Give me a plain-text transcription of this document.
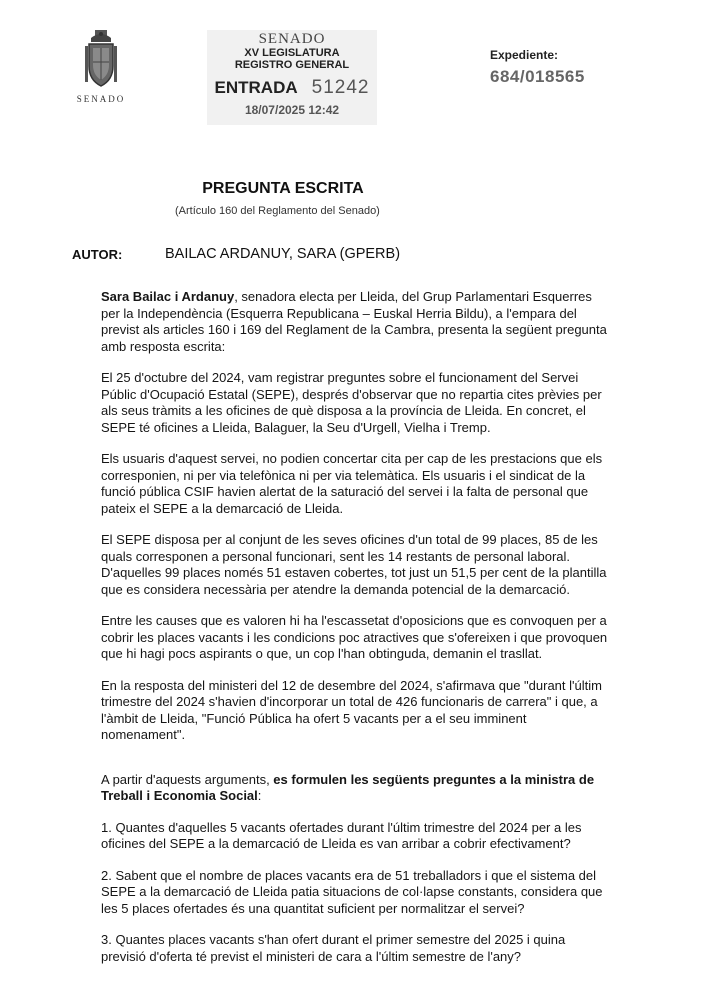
SENADO
SENADO
XV LEGISLATURA
REGISTRO GENERAL
ENTRADA 51242
18/07/2025 12:42
Expediente:
684/018565
PREGUNTA ESCRITA
(Artículo 160 del Reglamento del Senado)
AUTOR:	BAILAC ARDANUY, SARA (GPERB)

Sara Bailac i Ardanuy, senadora electa per Lleida, del Grup Parlamentari Esquerres per la Independència (Esquerra Republicana – Euskal Herria Bildu), a l'empara del previst als articles 160 i 169 del Reglament de la Cambra, presenta la següent pregunta amb resposta escrita:

El 25 d'octubre del 2024, vam registrar preguntes sobre el funcionament del Servei Públic d'Ocupació Estatal (SEPE), després d'observar que no repartia cites prèvies per als seus tràmits a les oficines de què disposa a la província de Lleida. En concret, el SEPE té oficines a Lleida, Balaguer, la Seu d'Urgell, Vielha i Tremp.

Els usuaris d'aquest servei, no podien concertar cita per cap de les prestacions que els corresponien, ni per via telefònica ni per via telemàtica. Els usuaris i el sindicat de la funció pública CSIF havien alertat de la saturació del servei i la falta de personal que pateix el SEPE a la demarcació de Lleida.

El SEPE disposa per al conjunt de les seves oficines d'un total de 99 places, 85 de les quals corresponen a personal funcionari, sent les 14 restants de personal laboral. D'aquelles 99 places només 51 estaven cobertes, tot just un 51,5 per cent de la plantilla que es considera necessària per atendre la demanda potencial de la demarcació.

Entre les causes que es valoren hi ha l'escassetat d'oposicions que es convoquen per a cobrir les places vacants i les condicions poc atractives que s'ofereixen i que provoquen que hi hagi pocs aspirants o que, un cop l'han obtinguda, demanin el trasllat.

En la resposta del ministeri del 12 de desembre del 2024, s'afirmava que "durant l'últim trimestre del 2024 s'havien d'incorporar un total de 426 funcionaris de carrera" i que, a l'àmbit de Lleida, "Funció Pública ha ofert 5 vacants per a el seu imminent nomenament".

A partir d'aquests arguments, es formulen les següents preguntes a la ministra de Treball i Economia Social:

1. Quantes d'aquelles 5 vacants ofertades durant l'últim trimestre del 2024 per a les oficines del SEPE a la demarcació de Lleida es van arribar a cobrir efectivament?

2. Sabent que el nombre de places vacants era de 51 treballadors i que el sistema del SEPE a la demarcació de Lleida patia situacions de col·lapse constants, considera que les 5 places ofertades és una quantitat suficient per normalitzar el servei?

3. Quantes places vacants s'han ofert durant el primer semestre del 2025 i quina previsió d'oferta té previst el ministeri de cara a l'últim semestre de l'any?
